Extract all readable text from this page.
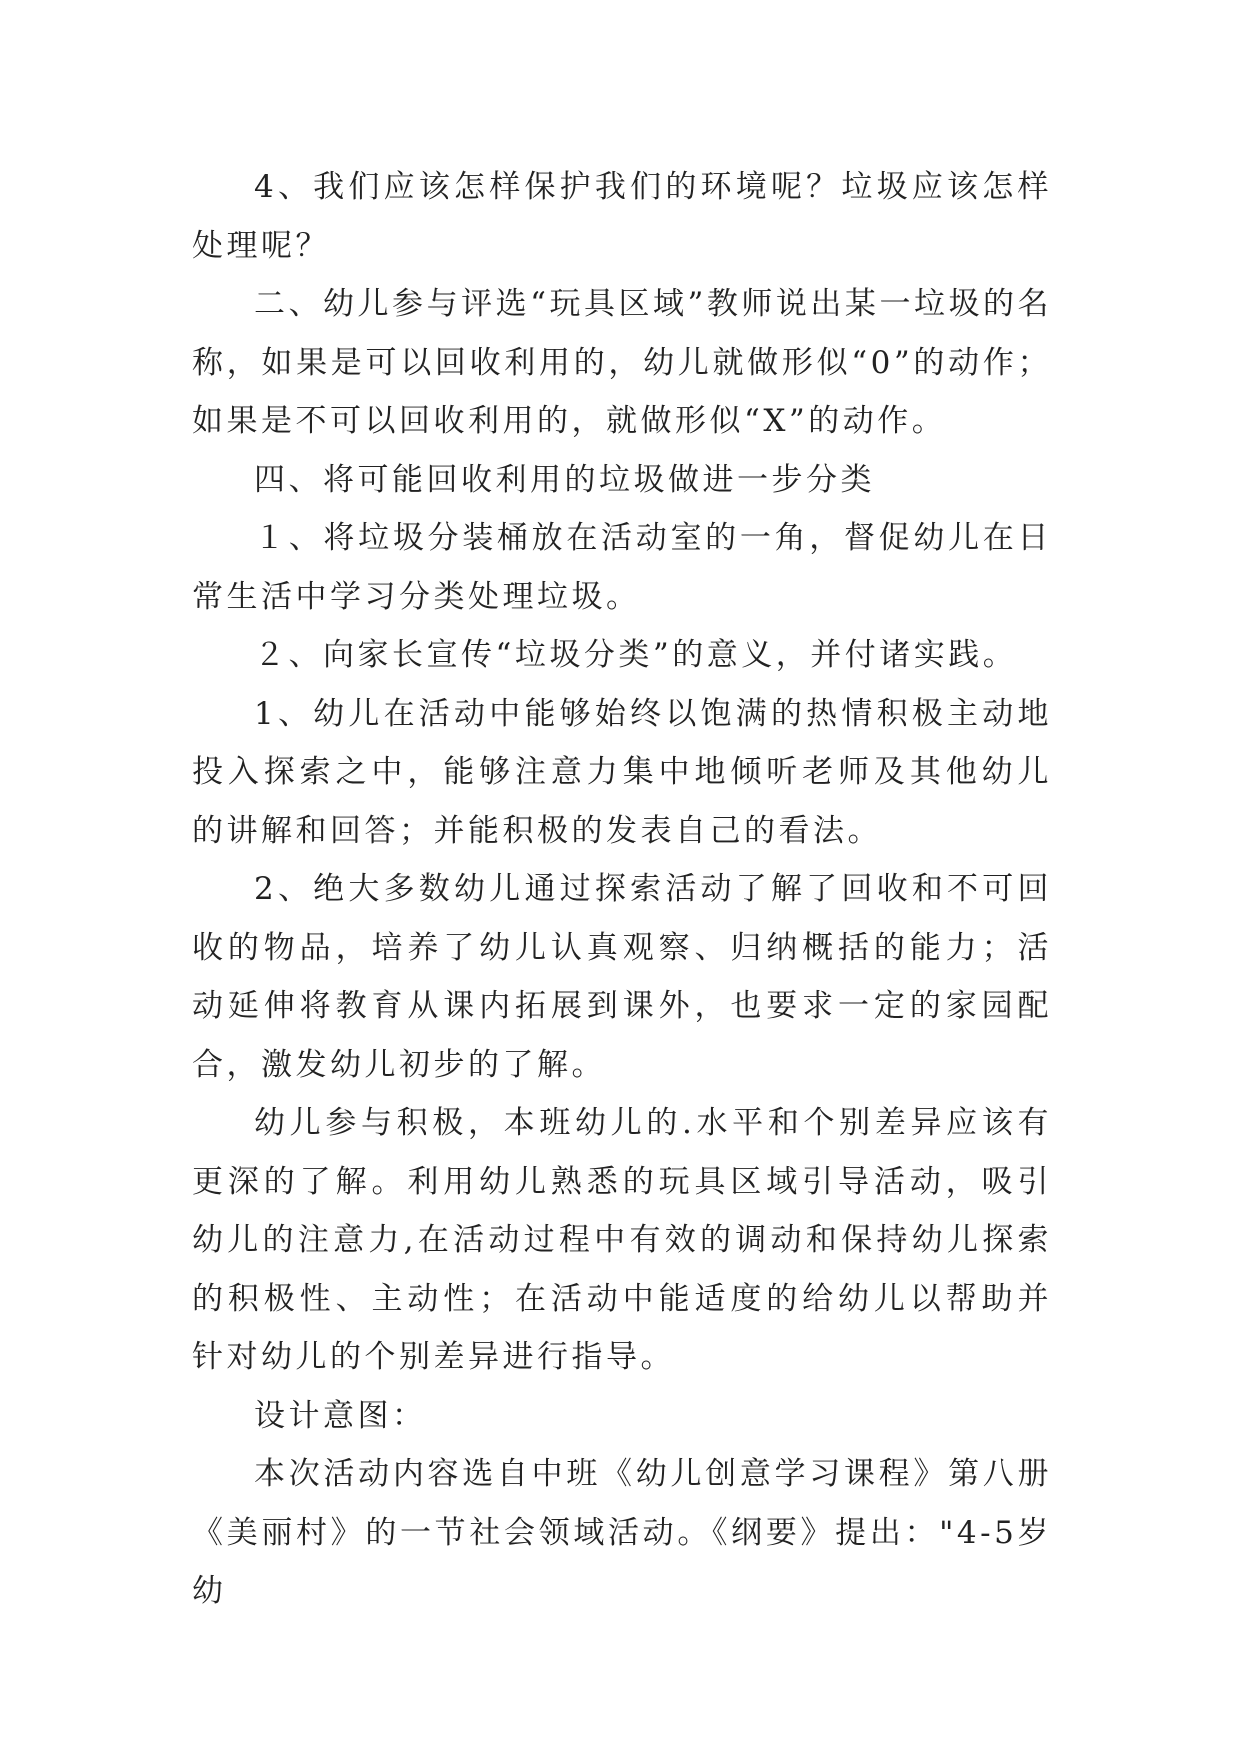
4、我们应该怎样保护我们的环境呢？垃圾应该怎样处理呢？

二、幼儿参与评选“玩具区域”教师说出某一垃圾的名称，如果是可以回收利用的，幼儿就做形似“0”的动作；如果是不可以回收利用的，就做形似“X”的动作。

四、将可能回收利用的垃圾做进一步分类

１、将垃圾分装桶放在活动室的一角，督促幼儿在日常生活中学习分类处理垃圾。

２、向家长宣传“垃圾分类”的意义，并付诸实践。

1、幼儿在活动中能够始终以饱满的热情积极主动地投入探索之中，能够注意力集中地倾听老师及其他幼儿的讲解和回答；并能积极的发表自己的看法。

2、绝大多数幼儿通过探索活动了解了回收和不可回收的物品，培养了幼儿认真观察、归纳概括的能力；活动延伸将教育从课内拓展到课外，也要求一定的家园配合，激发幼儿初步的了解。

幼儿参与积极，本班幼儿的.水平和个别差异应该有更深的了解。利用幼儿熟悉的玩具区域引导活动，吸引幼儿的注意力,在活动过程中有效的调动和保持幼儿探索的积极性、主动性；在活动中能适度的给幼儿以帮助并针对幼儿的个别差异进行指导。

设计意图：

本次活动内容选自中班《幼儿创意学习课程》第八册《美丽村》的一节社会领域活动。《纲要》提出："4-5岁幼
